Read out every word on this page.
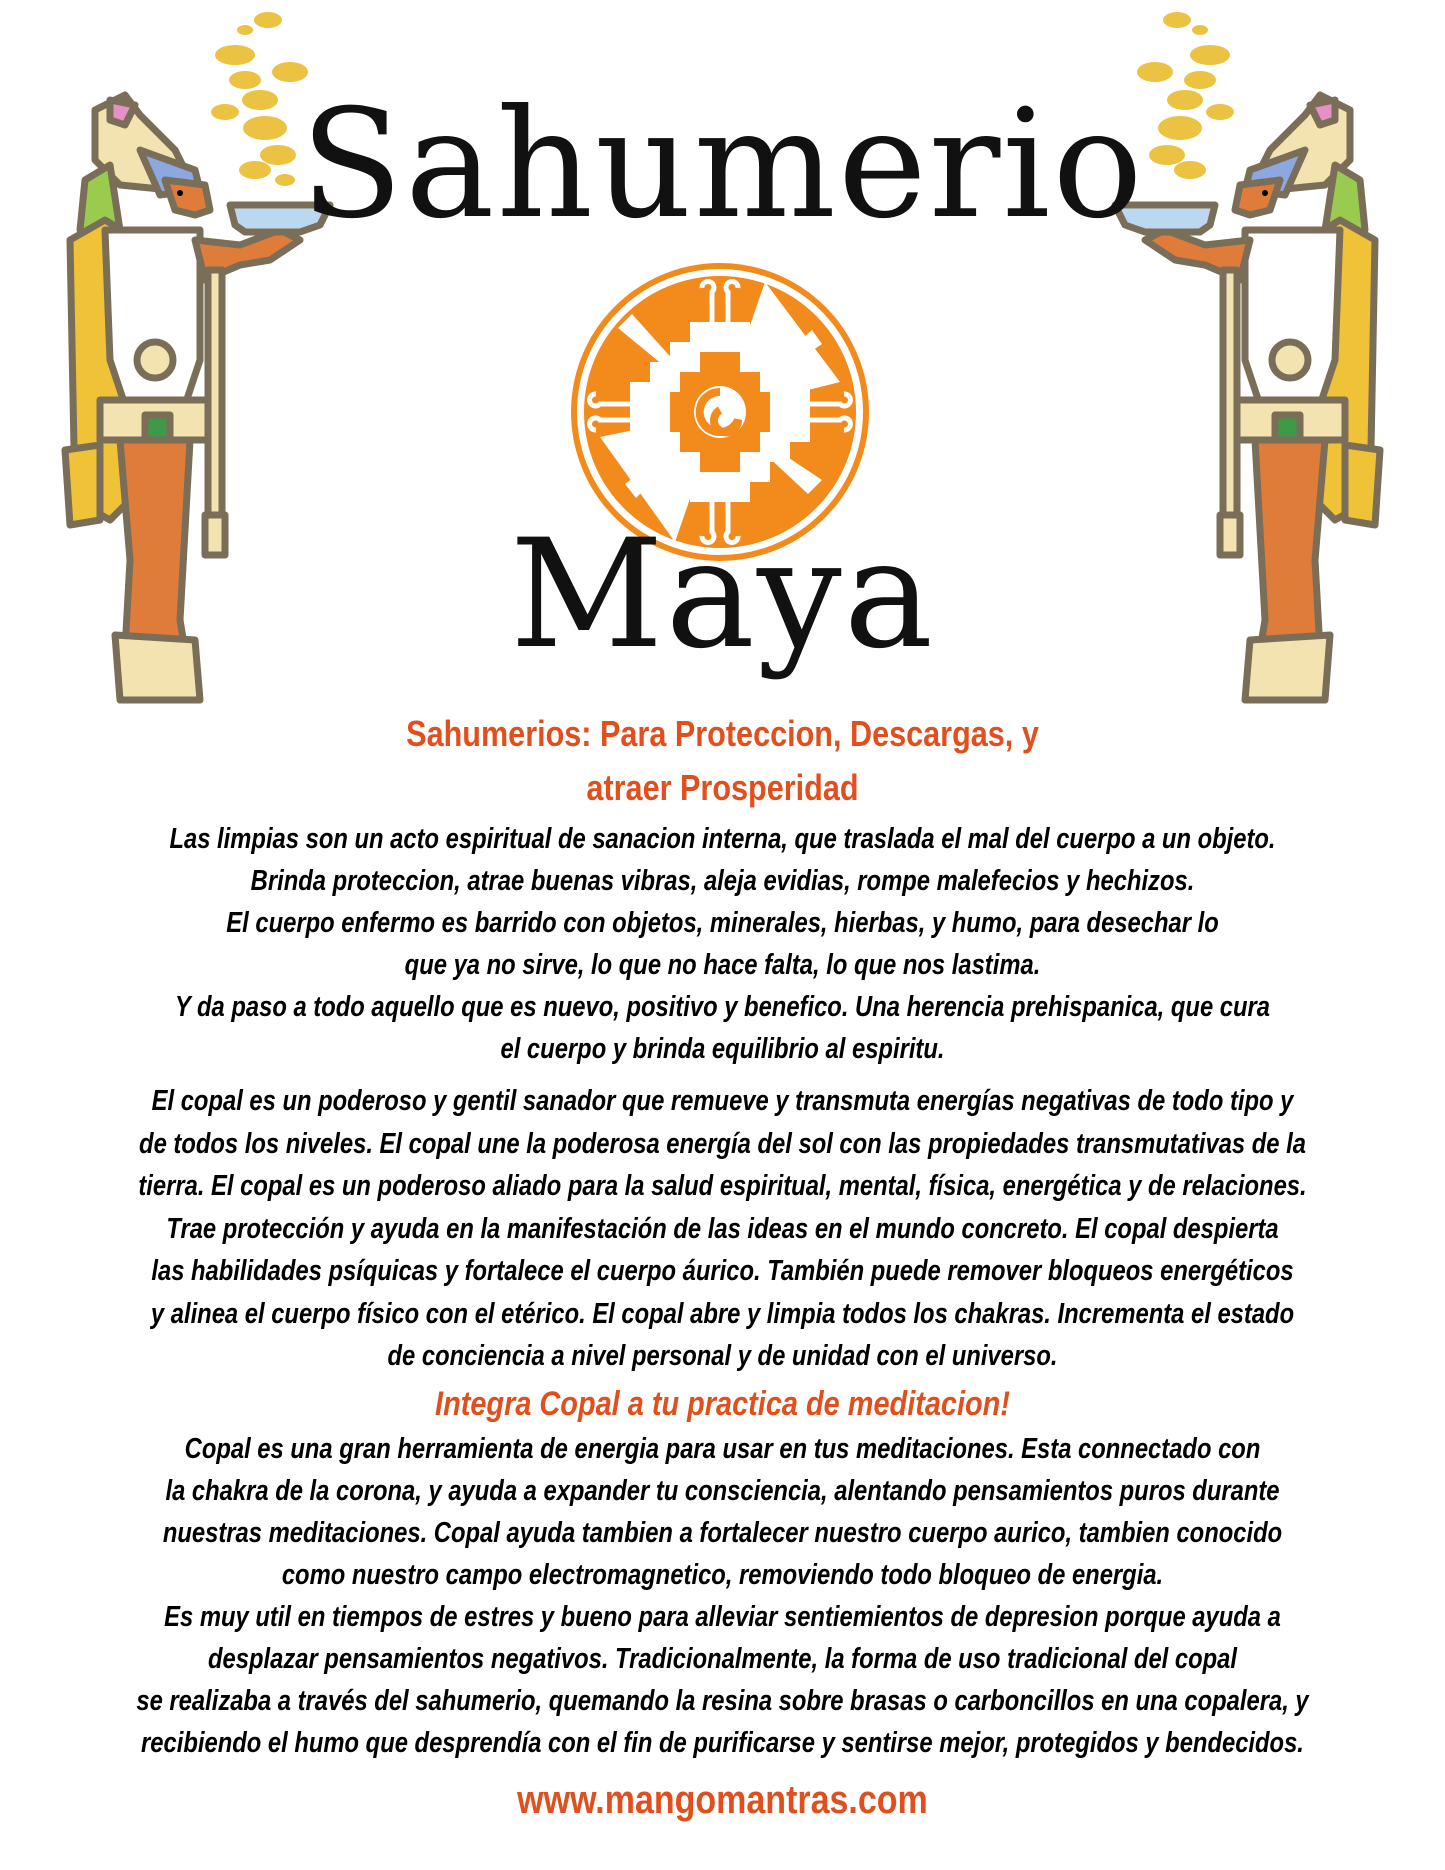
Sahumerio
Maya
Sahumerios: Para Proteccion, Descargas, y
atraer Prosperidad
Las limpias son un acto espiritual de sanacion interna, que traslada el mal del cuerpo a un objeto.
Brinda proteccion, atrae buenas vibras, aleja evidias, rompe malefecios y hechizos.
El cuerpo enfermo es barrido con objetos, minerales, hierbas, y humo, para desechar lo
que ya no sirve, lo que no hace falta, lo que nos lastima.
Y da paso a todo aquello que es nuevo, positivo y benefico. Una herencia prehispanica, que cura
el cuerpo y brinda equilibrio al espiritu.
El copal es un poderoso y gentil sanador que remueve y transmuta energías negativas de todo tipo y
de todos los niveles. El copal une la poderosa energía del sol con las propiedades transmutativas de la
tierra. El copal es un poderoso aliado para la salud espiritual, mental, física, energética y de relaciones.
Trae protección y ayuda en la manifestación de las ideas en el mundo concreto. El copal despierta
las habilidades psíquicas y fortalece el cuerpo áurico. También puede remover bloqueos energéticos
y alinea el cuerpo físico con el etérico. El copal abre y limpia todos los chakras. Incrementa el estado
de conciencia a nivel personal y de unidad con el universo.
Integra Copal a tu practica de meditacion!
Copal es una gran herramienta de energia para usar en tus meditaciones. Esta connectado con
la chakra de la corona, y ayuda a expander tu consciencia, alentando pensamientos puros durante
nuestras meditaciones. Copal ayuda tambien a fortalecer nuestro cuerpo aurico, tambien conocido
como nuestro campo electromagnetico, removiendo todo bloqueo de energia.
Es muy util en tiempos de estres y bueno para alleviar sentiemientos de depresion porque ayuda a
desplazar pensamientos negativos. Tradicionalmente, la forma de uso tradicional del copal
se realizaba a través del sahumerio, quemando la resina sobre brasas o carboncillos en una copalera, y
recibiendo el humo que desprendía con el fin de purificarse y sentirse mejor, protegidos y bendecidos.
www.mangomantras.com
